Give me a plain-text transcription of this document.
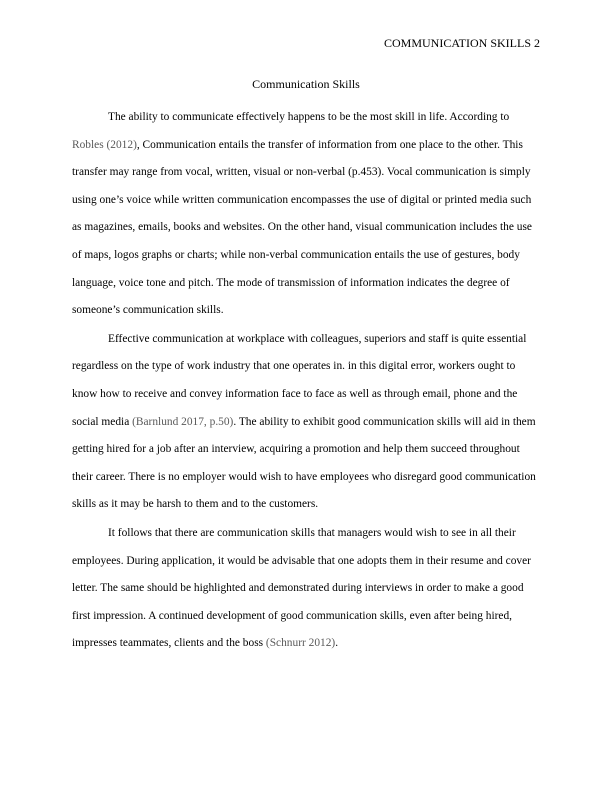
COMMUNICATION SKILLS 2
Communication Skills

The ability to communicate effectively happens to be the most skill in life. According to Robles (2012), Communication entails the transfer of information from one place to the other. This transfer may range from vocal, written, visual or non-verbal (p.453). Vocal communication is simply using one’s voice while written communication encompasses the use of digital or printed media such as magazines, emails, books and websites. On the other hand, visual communication includes the use of maps, logos graphs or charts; while non-verbal communication entails the use of gestures, body language, voice tone and pitch. The mode of transmission of information indicates the degree of someone’s communication skills.

Effective communication at workplace with colleagues, superiors and staff is quite essential regardless on the type of work industry that one operates in. in this digital error, workers ought to know how to receive and convey information face to face as well as through email, phone and the social media (Barnlund 2017, p.50). The ability to exhibit good communication skills will aid in them getting hired for a job after an interview, acquiring a promotion and help them succeed throughout their career. There is no employer would wish to have employees who disregard good communication skills as it may be harsh to them and to the customers.

It follows that there are communication skills that managers would wish to see in all their employees. During application, it would be advisable that one adopts them in their resume and cover letter. The same should be highlighted and demonstrated during interviews in order to make a good first impression. A continued development of good communication skills, even after being hired, impresses teammates, clients and the boss (Schnurr 2012).
